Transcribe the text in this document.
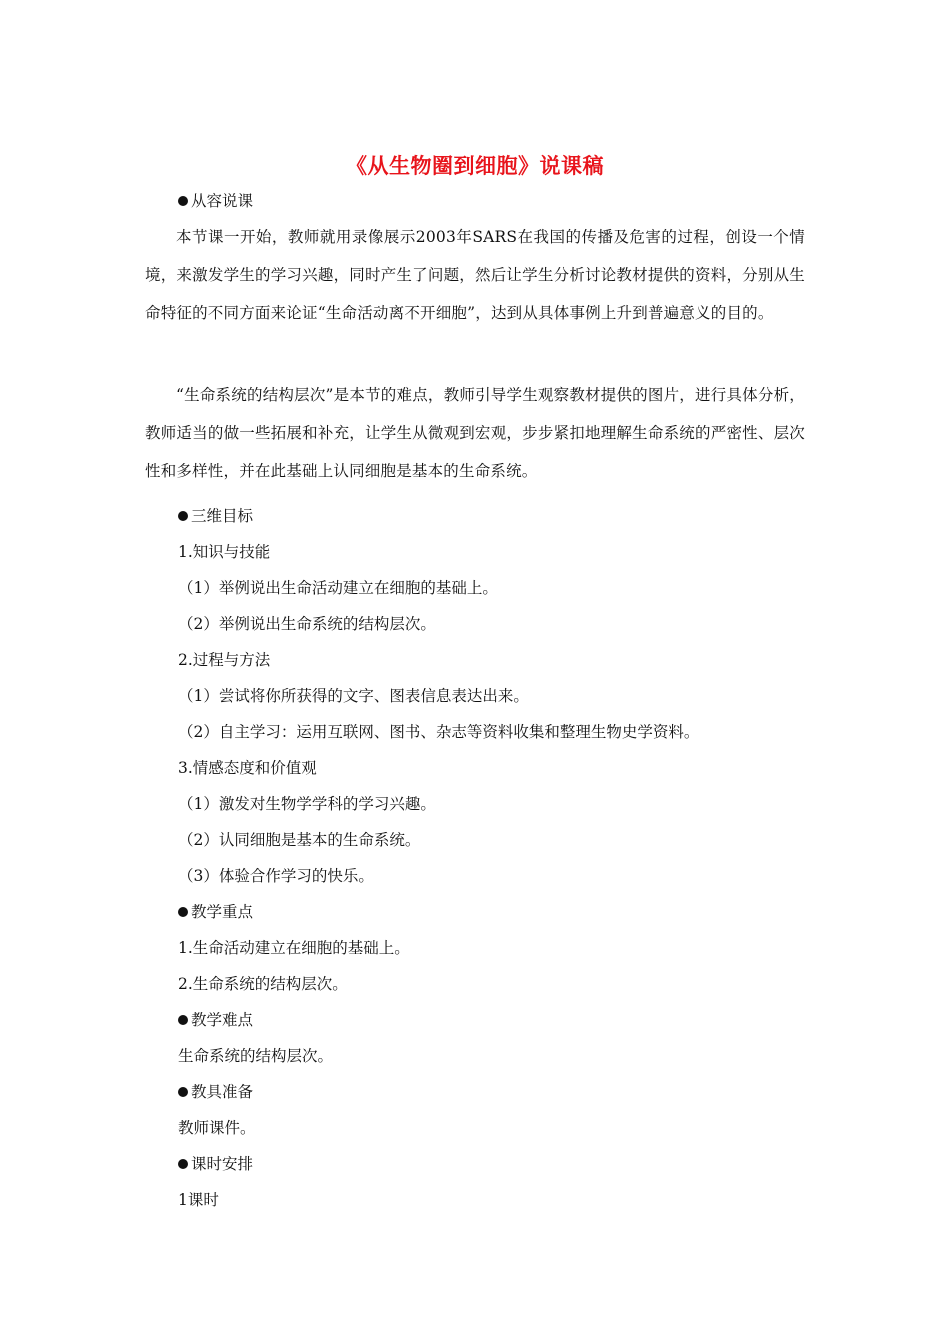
《从生物圈到细胞》说课稿
从容说课
本节课一开始，教师就用录像展示2003年SARS在我国的传播及危害的过程，创设一个情境，来激发学生的学习兴趣，同时产生了问题，然后让学生分析讨论教材提供的资料，分别从生命特征的不同方面来论证“生命活动离不开细胞”，达到从具体事例上升到普遍意义的目的。
“生命系统的结构层次”是本节的难点，教师引导学生观察教材提供的图片，进行具体分析，教师适当的做一些拓展和补充，让学生从微观到宏观，步步紧扣地理解生命系统的严密性、层次性和多样性，并在此基础上认同细胞是基本的生命系统。
三维目标
1.知识与技能
（1）举例说出生命活动建立在细胞的基础上。
（2）举例说出生命系统的结构层次。
2.过程与方法
（1）尝试将你所获得的文字、图表信息表达出来。
（2）自主学习：运用互联网、图书、杂志等资料收集和整理生物史学资料。
3.情感态度和价值观
（1）激发对生物学学科的学习兴趣。
（2）认同细胞是基本的生命系统。
（3）体验合作学习的快乐。
教学重点
1.生命活动建立在细胞的基础上。
2.生命系统的结构层次。
教学难点
生命系统的结构层次。
教具准备
教师课件。
课时安排
1课时
